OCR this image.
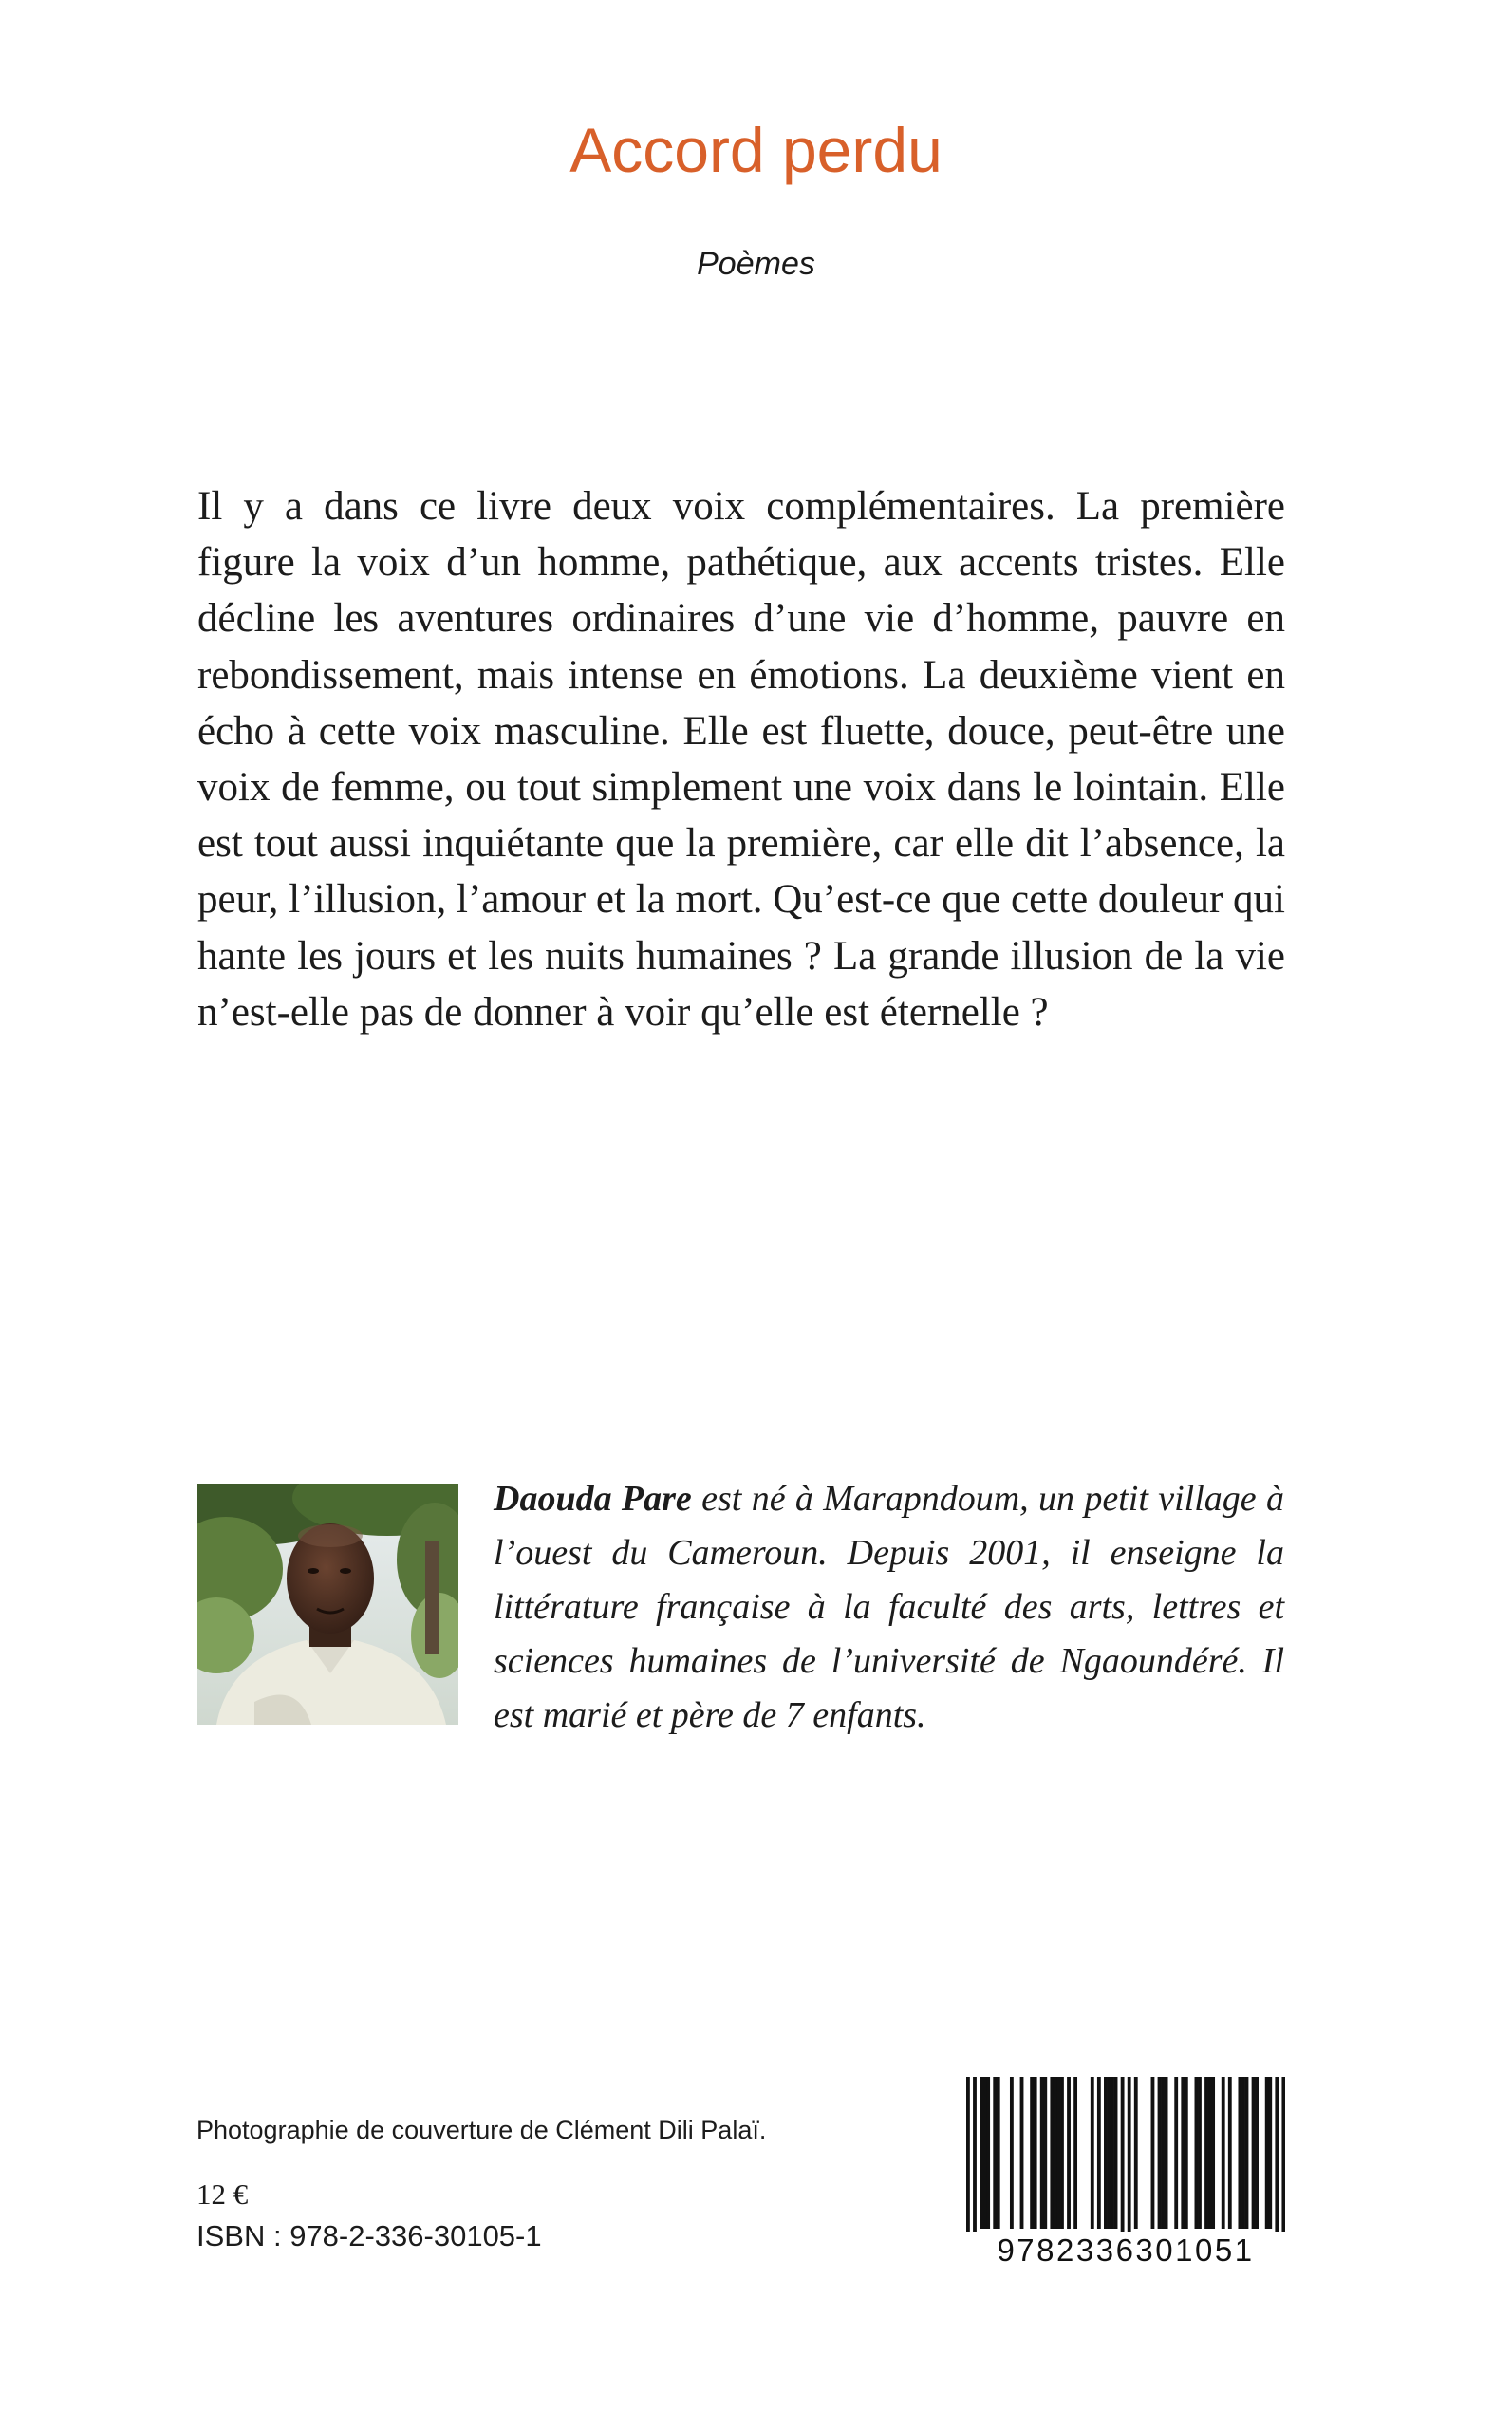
Accord perdu

Poèmes

Il y a dans ce livre deux voix complémentaires. La première figure la voix d’un homme, pathétique, aux accents tristes. Elle décline les aventures ordinaires d’une vie d’homme, pauvre en rebondissement, mais intense en émotions. La deuxième vient en écho à cette voix masculine. Elle est fluette, douce, peut-être une voix de femme, ou tout simplement une voix dans le lointain. Elle est tout aussi inquiétante que la première, car elle dit l’absence, la peur, l’illusion, l’amour et la mort. Qu’est-ce que cette douleur qui hante les jours et les nuits humaines ? La grande illusion de la vie n’est-elle pas de donner à voir qu’elle est éternelle ?

Daouda Pare est né à Marapndoum, un petit village à l’ouest du Cameroun. Depuis 2001, il enseigne la littérature française à la faculté des arts, lettres et sciences humaines de l’université de Ngaoundéré. Il est marié et père de 7 enfants.

Photographie de couverture de Clément Dili Palaï.

12 €

ISBN : 978-2-336-30105-1	9782336301051
